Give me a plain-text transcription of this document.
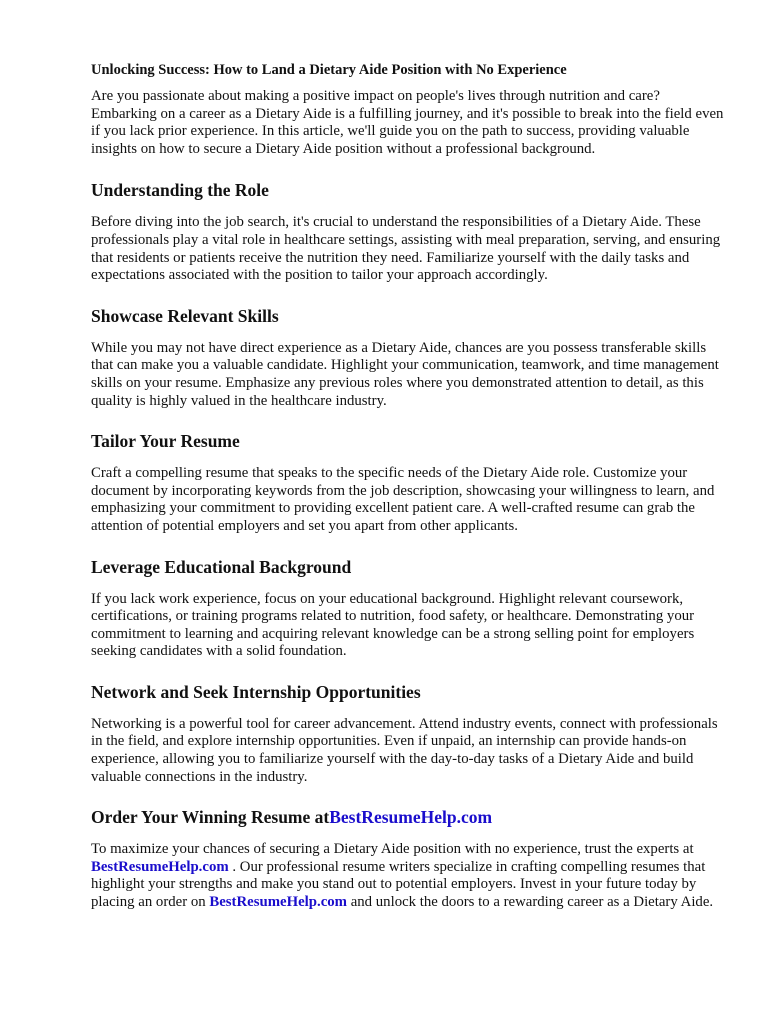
Unlocking Success: How to Land a Dietary Aide Position with No Experience

Are you passionate about making a positive impact on people's lives through nutrition and care? Embarking on a career as a Dietary Aide is a fulfilling journey, and it's possible to break into the field even if you lack prior experience. In this article, we'll guide you on the path to success, providing valuable insights on how to secure a Dietary Aide position without a professional background.

Understanding the Role

Before diving into the job search, it's crucial to understand the responsibilities of a Dietary Aide. These professionals play a vital role in healthcare settings, assisting with meal preparation, serving, and ensuring that residents or patients receive the nutrition they need. Familiarize yourself with the daily tasks and expectations associated with the position to tailor your approach accordingly.

Showcase Relevant Skills

While you may not have direct experience as a Dietary Aide, chances are you possess transferable skills that can make you a valuable candidate. Highlight your communication, teamwork, and time management skills on your resume. Emphasize any previous roles where you demonstrated attention to detail, as this quality is highly valued in the healthcare industry.

Tailor Your Resume

Craft a compelling resume that speaks to the specific needs of the Dietary Aide role. Customize your document by incorporating keywords from the job description, showcasing your willingness to learn, and emphasizing your commitment to providing excellent patient care. A well-crafted resume can grab the attention of potential employers and set you apart from other applicants.

Leverage Educational Background

If you lack work experience, focus on your educational background. Highlight relevant coursework, certifications, or training programs related to nutrition, food safety, or healthcare. Demonstrating your commitment to learning and acquiring relevant knowledge can be a strong selling point for employers seeking candidates with a solid foundation.

Network and Seek Internship Opportunities

Networking is a powerful tool for career advancement. Attend industry events, connect with professionals in the field, and explore internship opportunities. Even if unpaid, an internship can provide hands-on experience, allowing you to familiarize yourself with the day-to-day tasks of a Dietary Aide and build valuable connections in the industry.

Order Your Winning Resume atBestResumeHelp.com

To maximize your chances of securing a Dietary Aide position with no experience, trust the experts at BestResumeHelp.com . Our professional resume writers specialize in crafting compelling resumes that highlight your strengths and make you stand out to potential employers. Invest in your future today by placing an order on BestResumeHelp.com and unlock the doors to a rewarding career as a Dietary Aide.
